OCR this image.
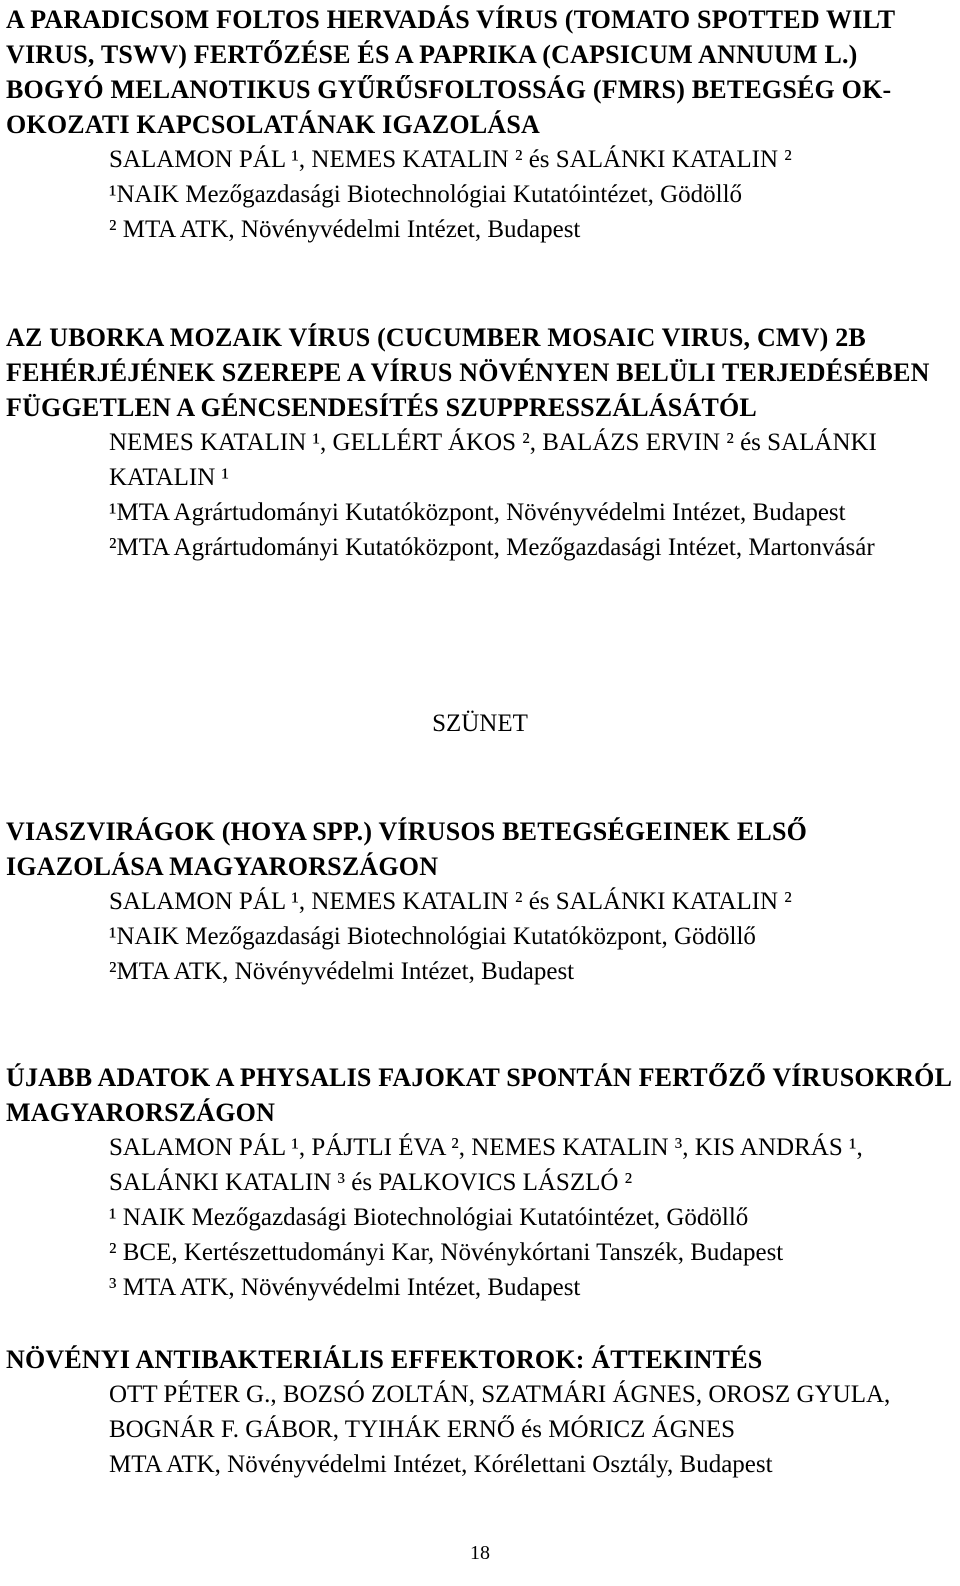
A PARADICSOM FOLTOS HERVADÁS VÍRUS (TOMATO SPOTTED WILT VIRUS, TSWV) FERTŐZÉSE ÉS A PAPRIKA (CAPSICUM ANNUUM L.) BOGYÓ MELANOTIKUS GYŰRŰSFOLTOSSÁG (FMRS) BETEGSÉG OK-OKOZATI KAPCSOLATÁNAK IGAZOLÁSA
SALAMON PÁL ¹, NEMES KATALIN ² és SALÁNKI KATALIN ²
¹NAIK Mezőgazdasági Biotechnológiai Kutatóintézet, Gödöllő
² MTA ATK, Növényvédelmi Intézet, Budapest
AZ UBORKA MOZAIK VÍRUS (CUCUMBER MOSAIC VIRUS, CMV) 2B FEHÉRJÉJÉNEK SZEREPE A VÍRUS NÖVÉNYEN BELÜLI TERJEDÉSÉBEN FÜGGETLEN A GÉNCSENDESÍTÉS SZUPPRESSZÁLÁSÁTÓL
NEMES KATALIN ¹, GELLÉRT ÁKOS ², BALÁZS ERVIN ² és SALÁNKI KATALIN ¹
¹MTA Agrártudományi Kutatóközpont, Növényvédelmi Intézet, Budapest
²MTA Agrártudományi Kutatóközpont, Mezőgazdasági Intézet, Martonvásár
SZÜNET
VIASZVIRÁGOK (HOYA SPP.) VÍRUSOS BETEGSÉGEINEK ELSŐ IGAZOLÁSA MAGYARORSZÁGON
SALAMON PÁL ¹, NEMES KATALIN ² és SALÁNKI KATALIN ²
¹NAIK Mezőgazdasági Biotechnológiai Kutatóközpont, Gödöllő
²MTA ATK, Növényvédelmi Intézet, Budapest
ÚJABB ADATOK A PHYSALIS FAJOKAT SPONTÁN FERTŐZŐ VÍRUSOKRÓL MAGYARORSZÁGON
SALAMON PÁL ¹, PÁJTLI ÉVA ², NEMES KATALIN ³, KIS ANDRÁS ¹, SALÁNKI KATALIN ³ és PALKOVICS LÁSZLÓ ²
¹ NAIK Mezőgazdasági Biotechnológiai Kutatóintézet, Gödöllő
² BCE, Kertészettudományi Kar, Növénykórtani Tanszék, Budapest
³ MTA ATK, Növényvédelmi Intézet, Budapest
NÖVÉNYI ANTIBAKTERIÁLIS EFFEKTOROK: ÁTTEKINTÉS
OTT PÉTER G., BOZSÓ ZOLTÁN, SZATMÁRI ÁGNES, OROSZ GYULA, BOGNÁR F. GÁBOR, TYIHÁK ERNŐ és MÓRICZ ÁGNES
MTA ATK, Növényvédelmi Intézet, Kórélettani Osztály, Budapest
18
